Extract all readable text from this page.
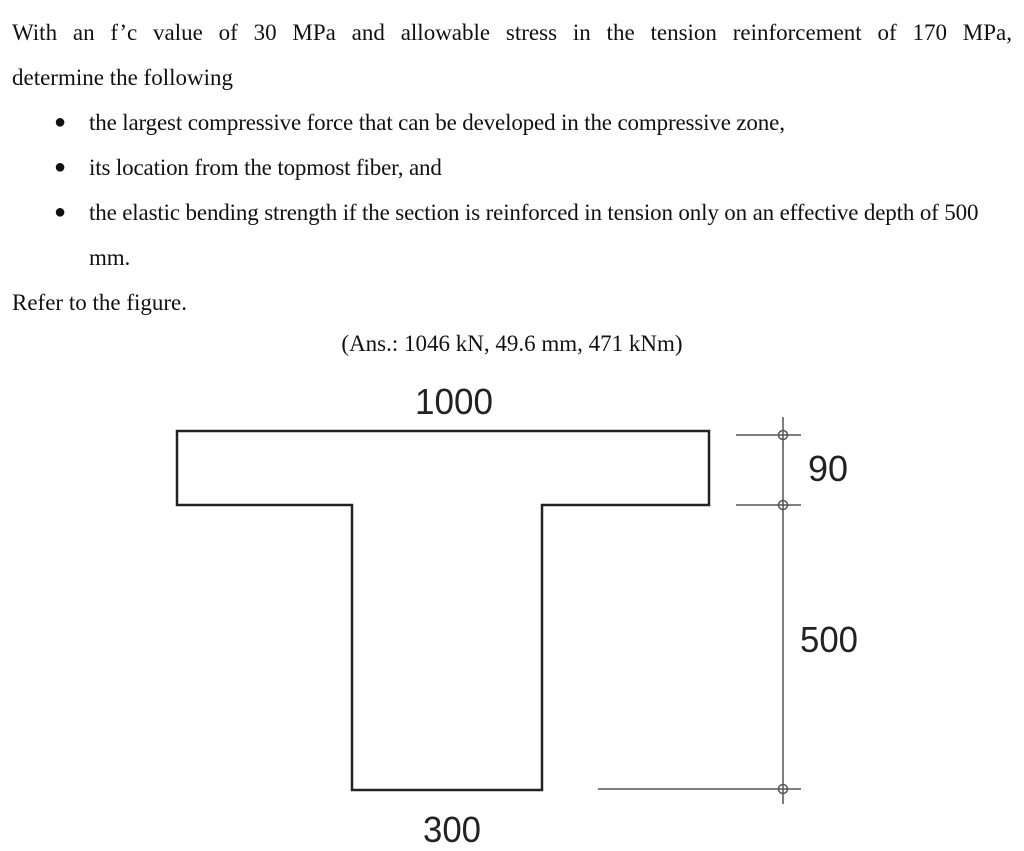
With an f’c value of 30 MPa and allowable stress in the tension reinforcement of 170 MPa,
determine the following

● the largest compressive force that can be developed in the compressive zone,
● its location from the topmost fiber, and
● the elastic bending strength if the section is reinforced in tension only on an effective depth of 500 mm.

Refer to the figure.

(Ans.: 1046 kN, 49.6 mm, 471 kNm)
1000
90
500
300
